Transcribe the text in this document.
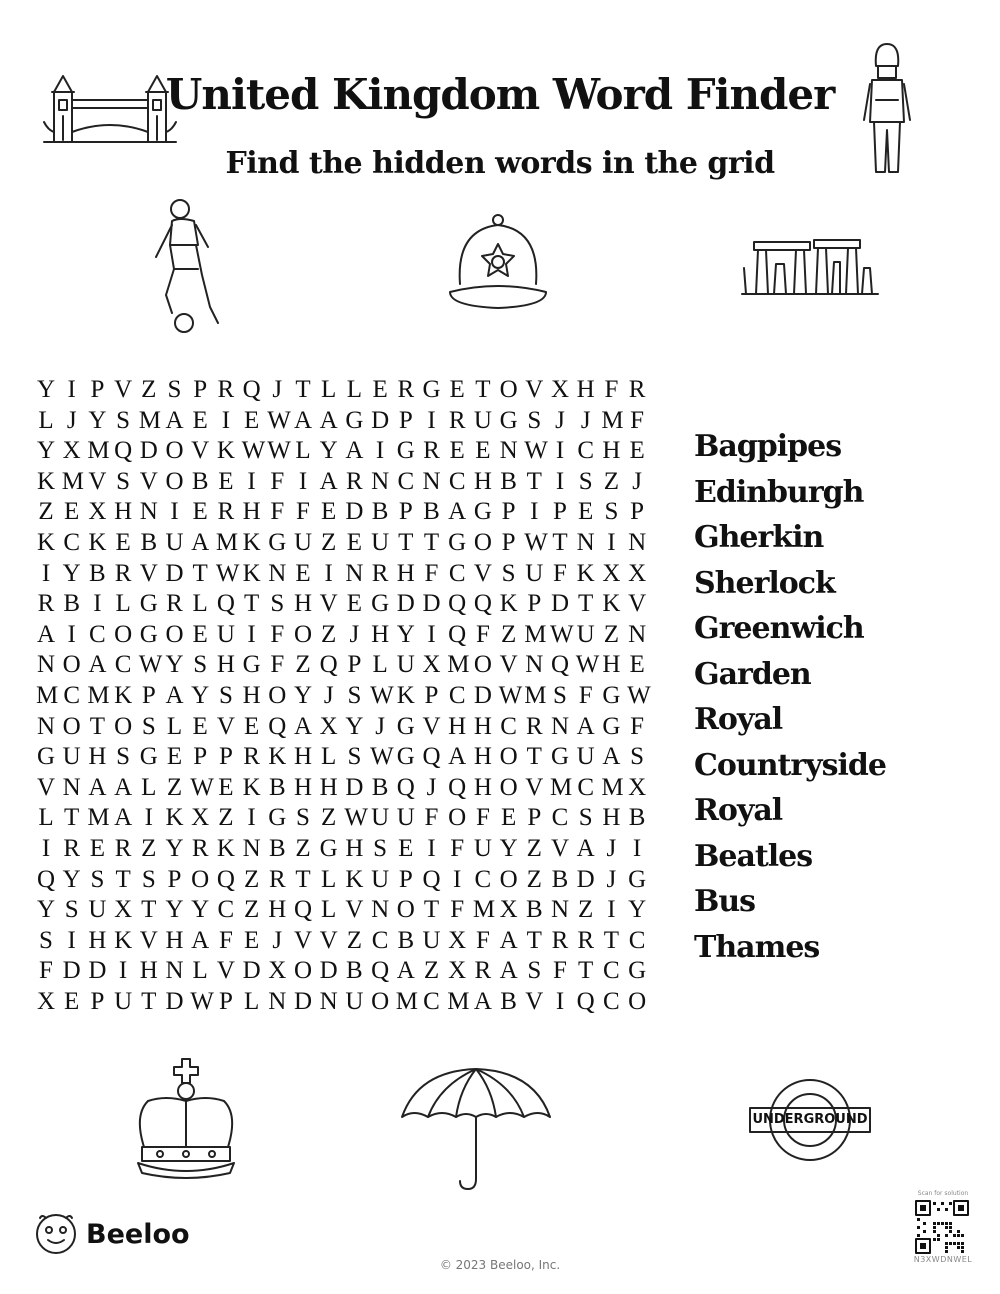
United Kingdom Word Finder
Find the hidden words in the grid
Y I P V Z S P R Q J T L L E R G E T O V X H F R
L J Y S M A E I E W A A G D P I R U G S J J M F
Y X M Q D O V K W W L Y A I G R E E N W I C H E
K M V S V O B E I F I A R N C N C H B T I S Z J
Z E X H N I E R H F F E D B P B A G P I P E S P
K C K E B U A M K G U Z E U T T G O P W T N I N
I Y B R V D T W K N E I N R H F C V S U F K X X
R B I L G R L Q T S H V E G D D Q Q K P D T K V
A I C O G O E U I F O Z J H Y I Q F Z M W U Z N
N O A C W Y S H G F Z Q P L U X M O V N Q W H E
M C M K P A Y S H O Y J S W K P C D W M S F G W
N O T O S L E V E Q A X Y J G V H H C R N A G F
G U H S G E P P R K H L S W G Q A H O T G U A S
V N A A L Z W E K B H H D B Q J Q H O V M C M X
L T M A I K X Z I G S Z W U U F O F E P C S H B
I R E R Z Y R K N B Z G H S E I F U Y Z V A J I
Q Y S T S P O Q Z R T L K U P Q I C O Z B D J G
Y S U X T Y Y C Z H Q L V N O T F M X B N Z I Y
S I H K V H A F E J V V Z C B U X F A T R R T C
F D D I H N L V D X O D B Q A Z X R A S F T C G
X E P U T D W P L N D N U O M C M A B V I Q C O
Bagpipes
Edinburgh
Gherkin
Sherlock
Greenwich
Garden
Royal
Countryside
Royal
Beatles
Bus
Thames
UNDERGROUND
Beeloo
© 2023 Beeloo, Inc.
Scan for solution
N3XWDNWEL
